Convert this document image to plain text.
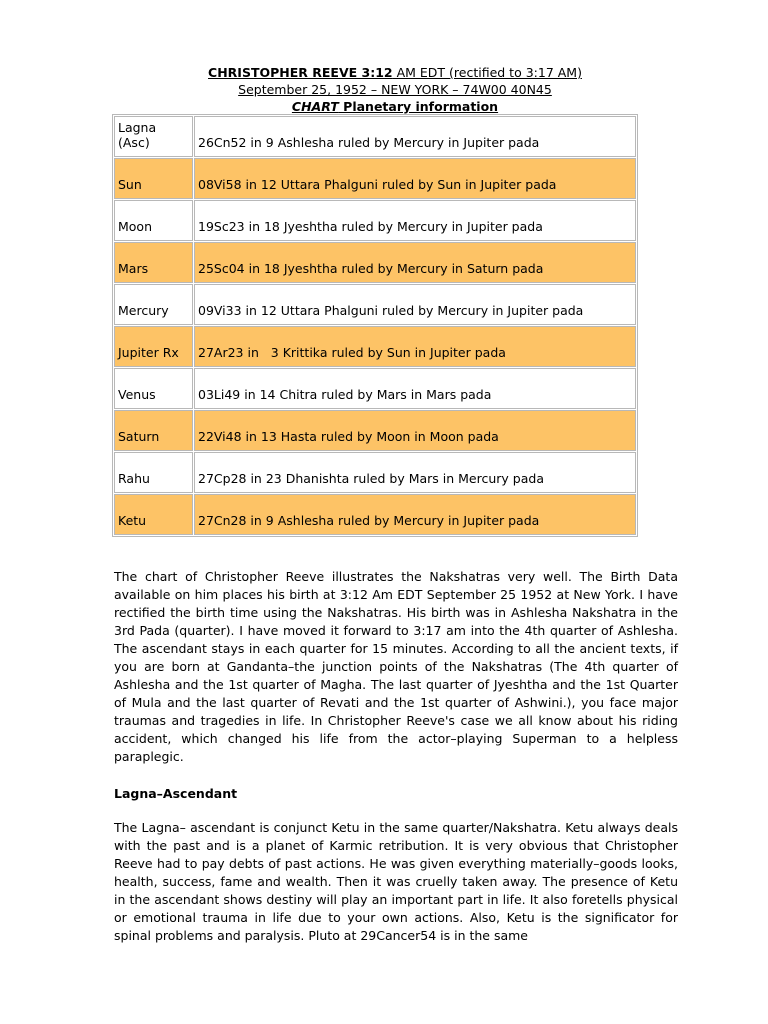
CHRISTOPHER REEVE 3:12 AM EDT (rectified to 3:17 AM)
September 25, 1952 – NEW YORK – 74W00 40N45
CHART Planetary information
Lagna (Asc)	26Cn52 in 9 Ashlesha ruled by Mercury in Jupiter pada
Sun	08Vi58 in 12 Uttara Phalguni ruled by Sun in Jupiter pada
Moon	19Sc23 in 18 Jyeshtha ruled by Mercury in Jupiter pada
Mars	25Sc04 in 18 Jyeshtha ruled by Mercury in Saturn pada
Mercury	09Vi33 in 12 Uttara Phalguni ruled by Mercury in Jupiter pada
Jupiter Rx	27Ar23 in   3 Krittika ruled by Sun in Jupiter pada
Venus	03Li49 in 14 Chitra ruled by Mars in Mars pada
Saturn	22Vi48 in 13 Hasta ruled by Moon in Moon pada
Rahu	27Cp28 in 23 Dhanishta ruled by Mars in Mercury pada
Ketu	27Cn28 in 9 Ashlesha ruled by Mercury in Jupiter pada

The chart of Christopher Reeve illustrates the Nakshatras very well. The Birth Data available on him places his birth at 3:12 Am EDT September 25 1952 at New York. I have rectified the birth time using the Nakshatras. His birth was in Ashlesha Nakshatra in the 3rd Pada (quarter). I have moved it forward to 3:17 am into the 4th quarter of Ashlesha. The ascendant stays in each quarter for 15 minutes. According to all the ancient texts, if you are born at Gandanta–the junction points of the Nakshatras (The 4th quarter of Ashlesha and the 1st quarter of Magha. The last quarter of Jyeshtha and the 1st Quarter of Mula and the last quarter of Revati and the 1st quarter of Ashwini.), you face major traumas and tragedies in life. In Christopher Reeve's case we all know about his riding accident, which changed his life from the actor–playing Superman to a helpless paraplegic.

Lagna–Ascendant

The Lagna– ascendant is conjunct Ketu in the same quarter/Nakshatra. Ketu always deals with the past and is a planet of Karmic retribution. It is very obvious that Christopher Reeve had to pay debts of past actions. He was given everything materially–goods looks, health, success, fame and wealth. Then it was cruelly taken away. The presence of Ketu in the ascendant shows destiny will play an important part in life. It also foretells physical or emotional trauma in life due to your own actions. Also, Ketu is the significator for spinal problems and paralysis. Pluto at 29Cancer54 is in the same
